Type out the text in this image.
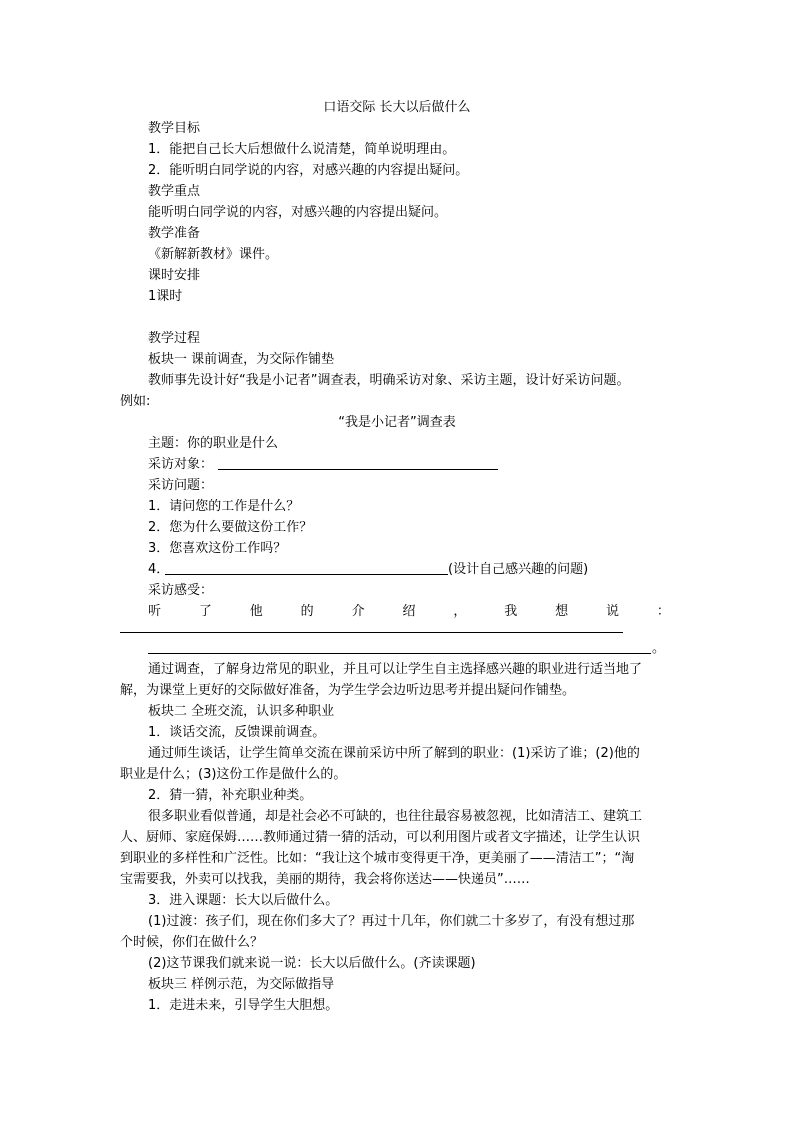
口语交际 长大以后做什么
教学目标
1．能把自己长大后想做什么说清楚，简单说明理由。
2．能听明白同学说的内容，对感兴趣的内容提出疑问。
教学重点
能听明白同学说的内容，对感兴趣的内容提出疑问。
教学准备
《新解新教材》课件。
课时安排
1课时
教学过程
板块一 课前调查，为交际作铺垫
教师事先设计好“我是小记者”调查表，明确采访对象、采访主题，设计好采访问题。
例如:
“我是小记者”调查表
主题：你的职业是什么
采访对象：
采访问题：
1．请问您的工作是什么？
2．您为什么要做这份工作？
3．您喜欢这份工作吗？
4．	(设计自己感兴趣的问题)
采访感受：
听	了	他	的	介	绍	，	我	想	说	：
。
通过调查，了解身边常见的职业，并且可以让学生自主选择感兴趣的职业进行适当地了
解，为课堂上更好的交际做好准备，为学生学会边听边思考并提出疑问作铺垫。
板块二 全班交流，认识多种职业
1．谈话交流，反馈课前调查。
通过师生谈话，让学生简单交流在课前采访中所了解到的职业：(1)采访了谁；(2)他的
职业是什么；(3)这份工作是做什么的。
2．猜一猜，补充职业种类。
很多职业看似普通，却是社会必不可缺的，也往往最容易被忽视，比如清洁工、建筑工
人、厨师、家庭保姆……教师通过猜一猜的活动，可以利用图片或者文字描述，让学生认识
到职业的多样性和广泛性。比如：“我让这个城市变得更干净，更美丽了——清洁工”；“淘
宝需要我，外卖可以找我，美丽的期待，我会将你送达——快递员”……
3．进入课题：长大以后做什么。
(1)过渡：孩子们，现在你们多大了？再过十几年，你们就二十多岁了，有没有想过那
个时候，你们在做什么？
(2)这节课我们就来说一说：长大以后做什么。(齐读课题)
板块三 样例示范，为交际做指导
1．走进未来，引导学生大胆想。
